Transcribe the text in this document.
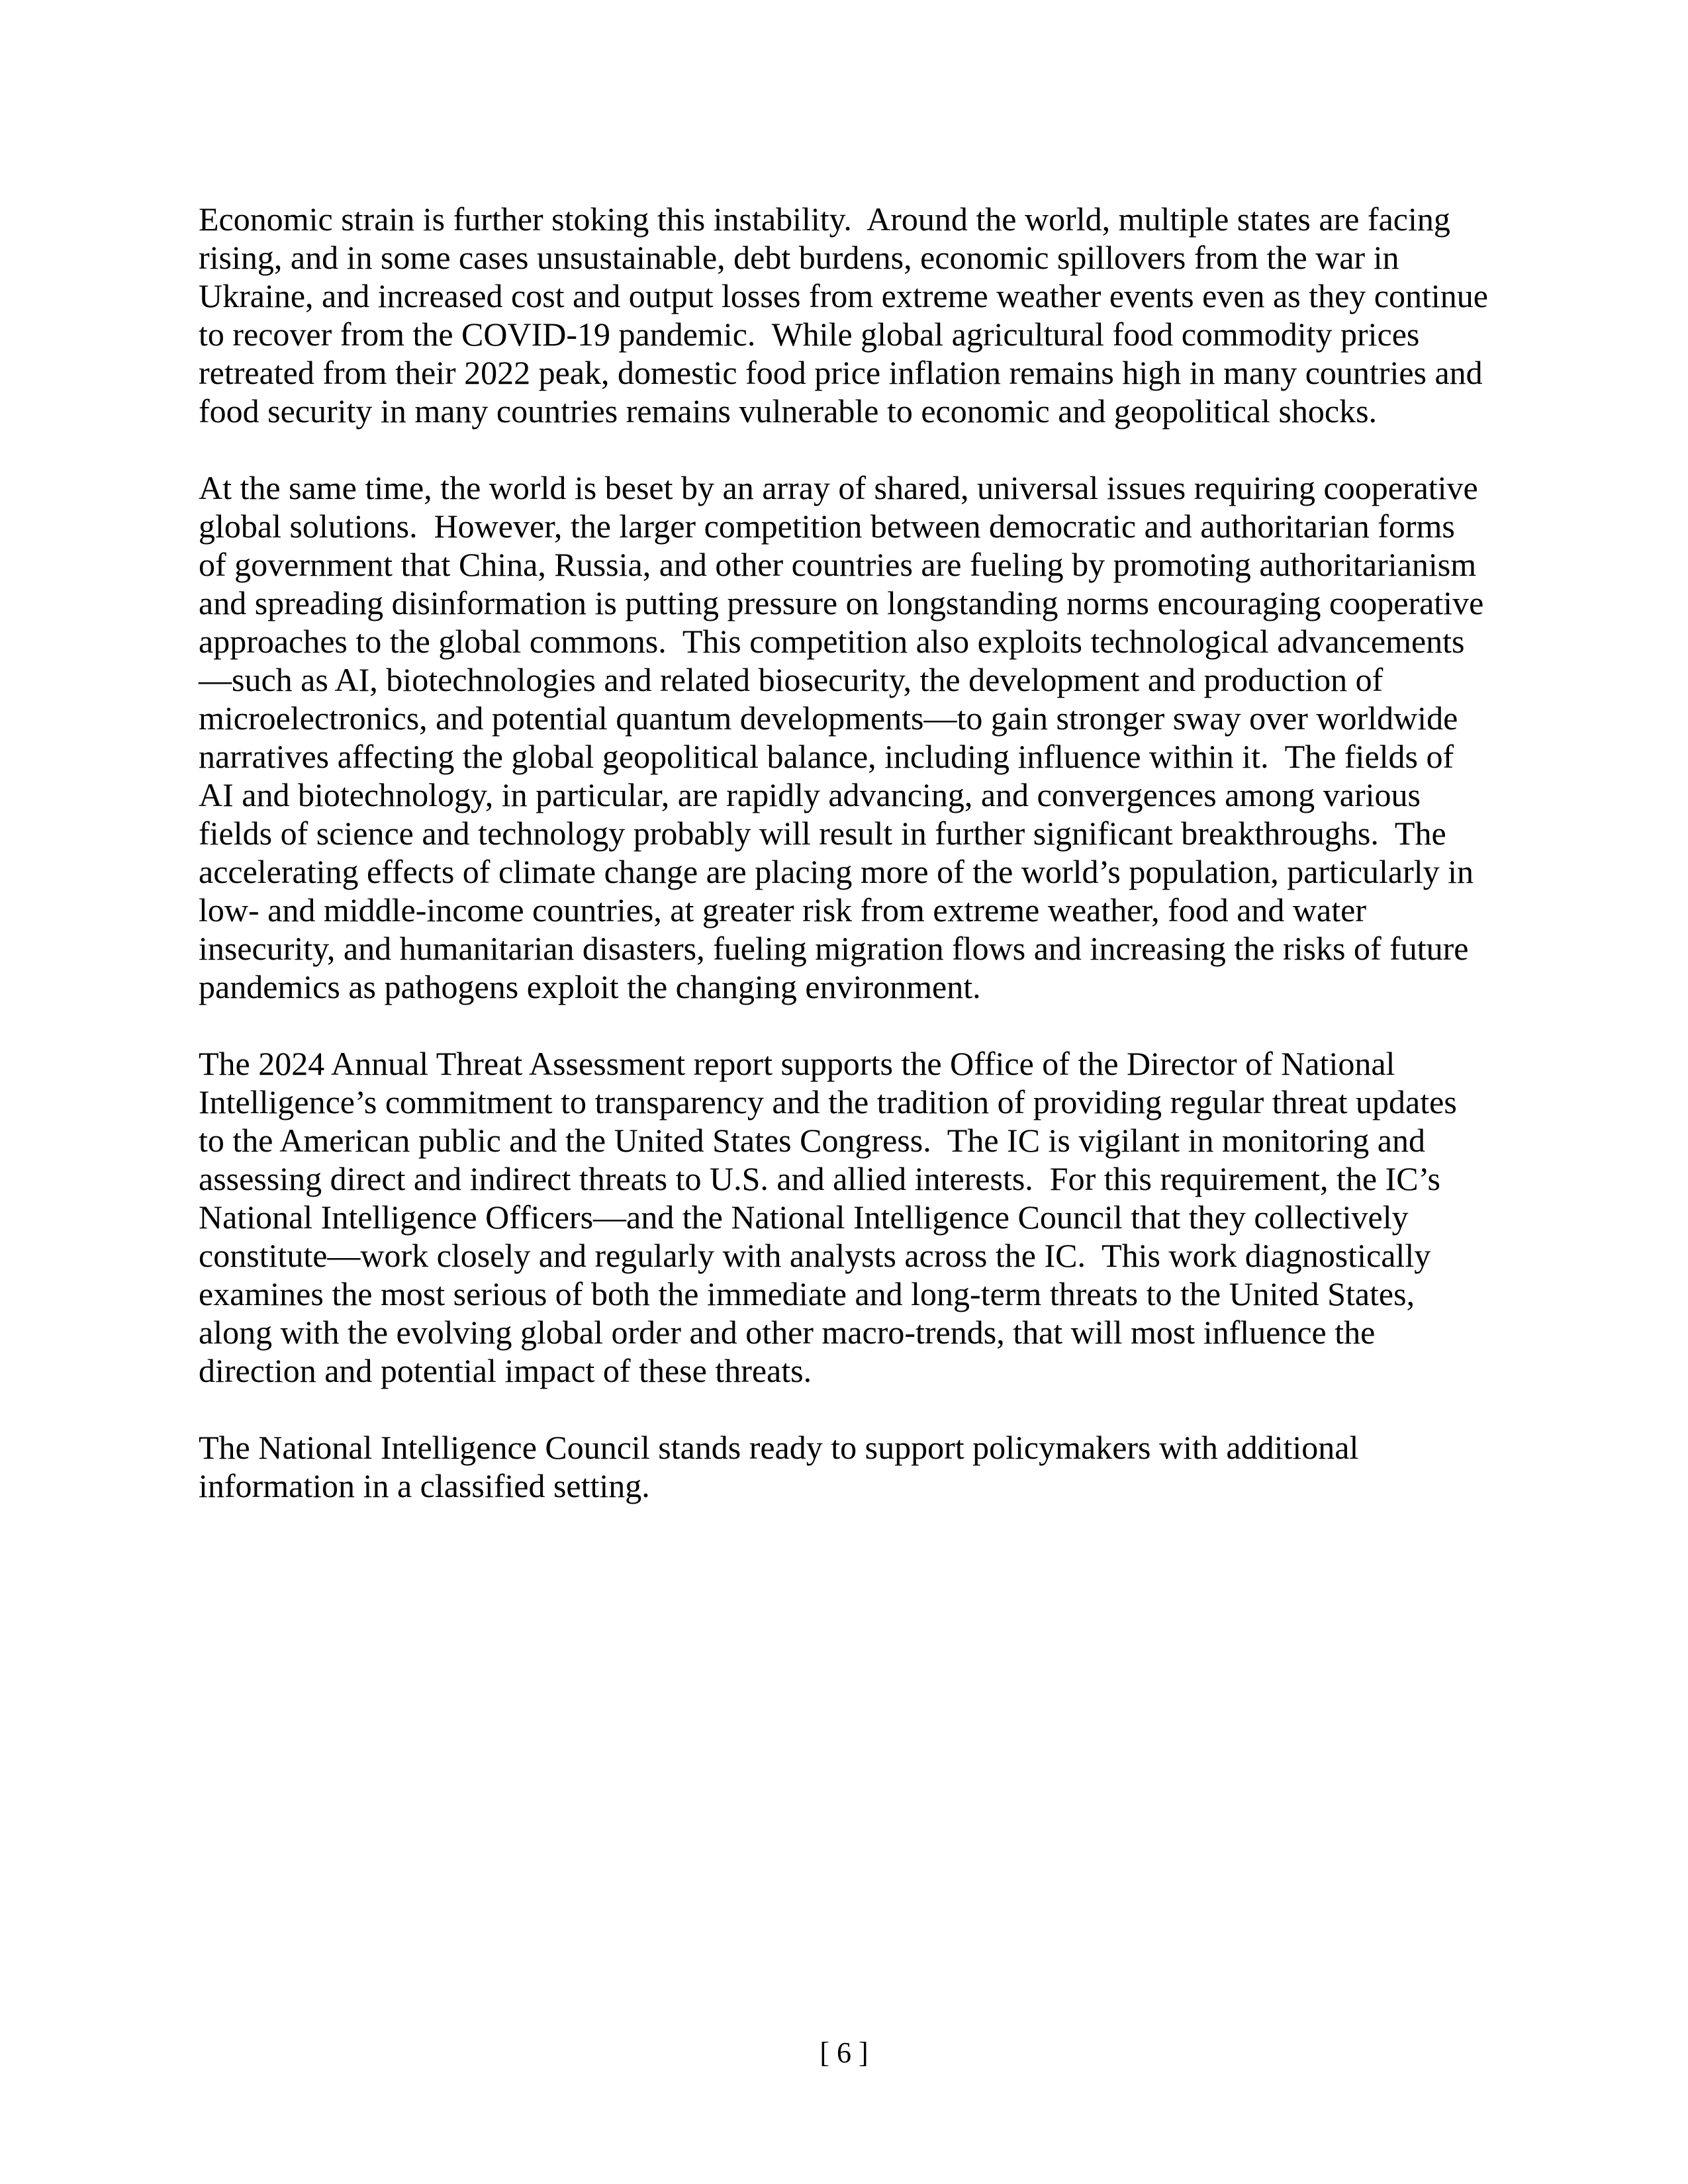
Economic strain is further stoking this instability.  Around the world, multiple states are facing rising, and in some cases unsustainable, debt burdens, economic spillovers from the war in Ukraine, and increased cost and output losses from extreme weather events even as they continue to recover from the COVID-19 pandemic.  While global agricultural food commodity prices retreated from their 2022 peak, domestic food price inflation remains high in many countries and food security in many countries remains vulnerable to economic and geopolitical shocks.

At the same time, the world is beset by an array of shared, universal issues requiring cooperative global solutions.  However, the larger competition between democratic and authoritarian forms of government that China, Russia, and other countries are fueling by promoting authoritarianism and spreading disinformation is putting pressure on longstanding norms encouraging cooperative approaches to the global commons.  This competition also exploits technological advancements—such as AI, biotechnologies and related biosecurity, the development and production of microelectronics, and potential quantum developments—to gain stronger sway over worldwide narratives affecting the global geopolitical balance, including influence within it.  The fields of AI and biotechnology, in particular, are rapidly advancing, and convergences among various fields of science and technology probably will result in further significant breakthroughs.  The accelerating effects of climate change are placing more of the world’s population, particularly in low- and middle-income countries, at greater risk from extreme weather, food and water insecurity, and humanitarian disasters, fueling migration flows and increasing the risks of future pandemics as pathogens exploit the changing environment.

The 2024 Annual Threat Assessment report supports the Office of the Director of National Intelligence’s commitment to transparency and the tradition of providing regular threat updates to the American public and the United States Congress.  The IC is vigilant in monitoring and assessing direct and indirect threats to U.S. and allied interests.  For this requirement, the IC’s National Intelligence Officers—and the National Intelligence Council that they collectively constitute—work closely and regularly with analysts across the IC.  This work diagnostically examines the most serious of both the immediate and long-term threats to the United States, along with the evolving global order and other macro-trends, that will most influence the direction and potential impact of these threats.

The National Intelligence Council stands ready to support policymakers with additional information in a classified setting.

[ 6 ]
